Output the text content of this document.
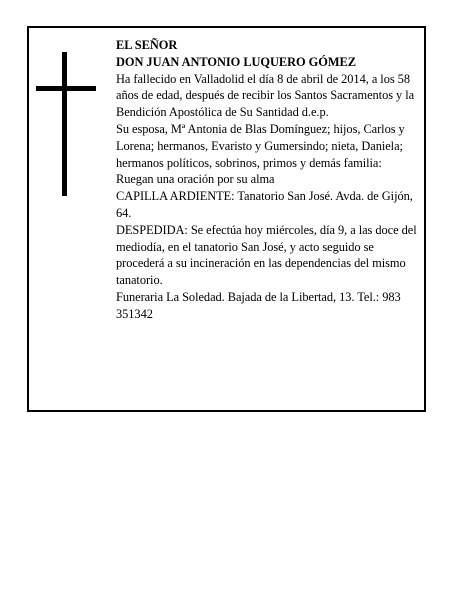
EL SEÑOR

DON JUAN ANTONIO LUQUERO GÓMEZ

Ha fallecido en Valladolid el día 8 de abril de 2014, a los 58 años de edad, después de recibir los Santos Sacramentos y la Bendición Apostólica de Su Santidad d.e.p.

Su esposa, Mª Antonia de Blas Domínguez; hijos, Carlos y Lorena; hermanos, Evaristo y Gumersindo; nieta, Daniela; hermanos políticos, sobrinos, primos y demás familia:

Ruegan una oración por su alma

CAPILLA ARDIENTE: Tanatorio San José. Avda. de Gijón, 64.

DESPEDIDA: Se efectúa hoy miércoles, día 9, a las doce del mediodía, en el tanatorio San José, y acto seguido se procederá a su incineración en las dependencias del mismo tanatorio.

Funeraria La Soledad. Bajada de la Libertad, 13. Tel.: 983 351342
